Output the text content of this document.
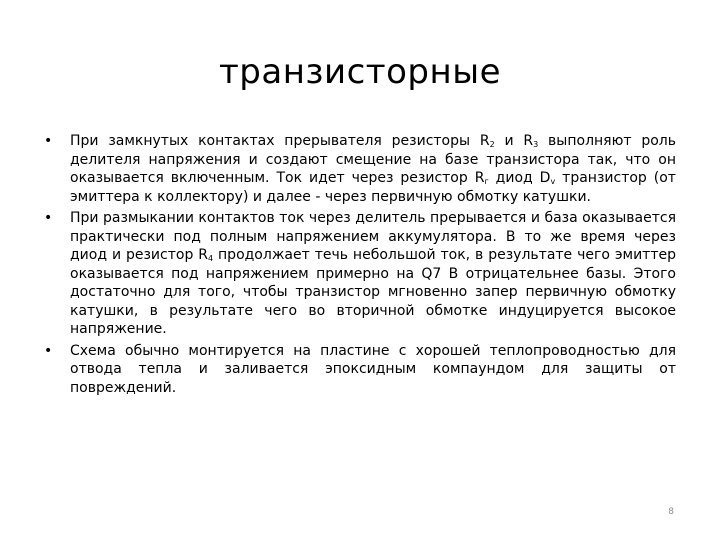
транзисторные
• При замкнутых контактах прерывателя резисторы $R_2$ и $R_3$ выполняют роль делителя напряжения и создают смещение на базе транзистора так, что он оказывается включенным. Ток идет через резистор $R_г$ диод $D_v$ транзистор (от эмиттера к коллектору) и далее - через первичную обмотку катушки.
• При размыкании контактов ток через делитель прерывается и база оказывается практически под полным напряжением аккумулятора. В то же время через диод и резистор $R_4$ продолжает течь небольшой ток, в результате чего эмиттер оказывается под напряжением примерно на Q7 В отрицательнее базы. Этого достаточно для того, чтобы транзистор мгновенно запер первичную обмотку катушки, в результате чего во вторичной обмотке индуцируется высокое напряжение.
• Схема обычно монтируется на пластине с хорошей теплопроводностью для отвода тепла и заливается эпоксидным компаундом для защиты от повреждений.
8
